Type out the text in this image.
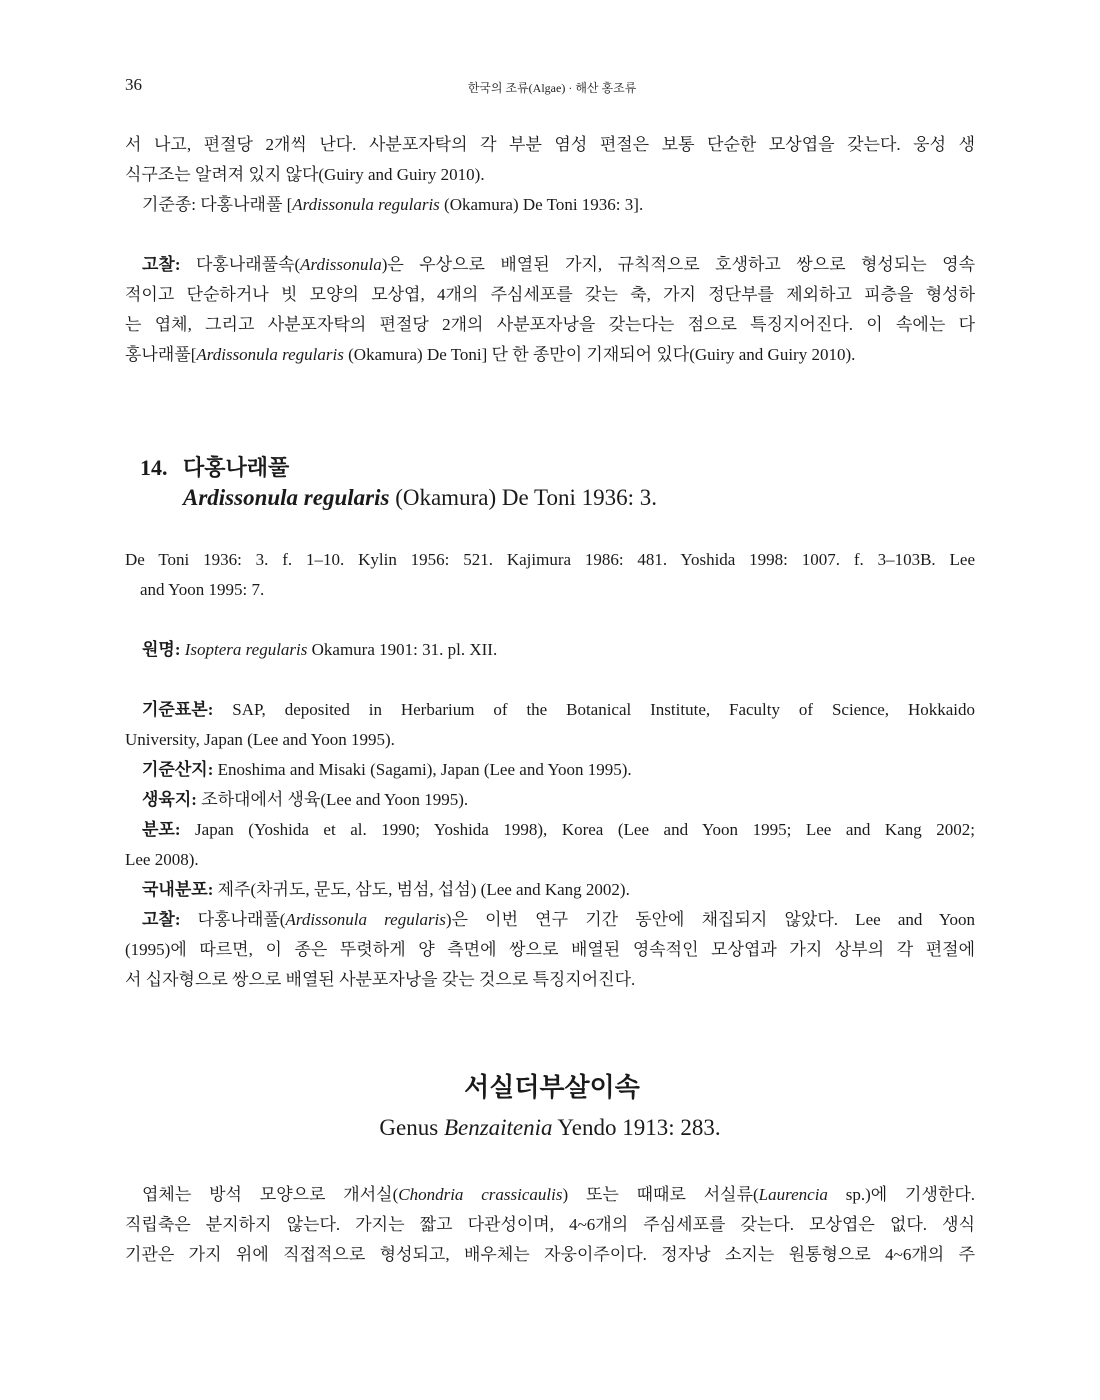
36	한국의 조류(Algae) · 해산 홍조류
서 나고, 편절당 2개씩 난다. 사분포자탁의 각 부분 염성 편절은 보통 단순한 모상엽을 갖는다. 웅성 생
식구조는 알려져 있지 않다(Guiry and Guiry 2010).
기준종: 다홍나래풀 [Ardissonula regularis (Okamura) De Toni 1936: 3].
고찰: 다홍나래풀속(Ardissonula)은 우상으로 배열된 가지, 규칙적으로 호생하고 쌍으로 형성되는 영속
적이고 단순하거나 빗 모양의 모상엽, 4개의 주심세포를 갖는 축, 가지 정단부를 제외하고 피층을 형성하
는 엽체, 그리고 사분포자탁의 편절당 2개의 사분포자낭을 갖는다는 점으로 특징지어진다. 이 속에는 다
홍나래풀[Ardissonula regularis (Okamura) De Toni] 단 한 종만이 기재되어 있다(Guiry and Guiry 2010).
14. 다홍나래풀
Ardissonula regularis (Okamura) De Toni 1936: 3.
De Toni 1936: 3. f. 1–10. Kylin 1956: 521. Kajimura 1986: 481. Yoshida 1998: 1007. f. 3–103B. Lee
and Yoon 1995: 7.
원명: Isoptera regularis Okamura 1901: 31. pl. XII.
기준표본: SAP, deposited in Herbarium of the Botanical Institute, Faculty of Science, Hokkaido
University, Japan (Lee and Yoon 1995).
기준산지: Enoshima and Misaki (Sagami), Japan (Lee and Yoon 1995).
생육지: 조하대에서 생육(Lee and Yoon 1995).
분포: Japan (Yoshida et al. 1990; Yoshida 1998), Korea (Lee and Yoon 1995; Lee and Kang 2002;
Lee 2008).
국내분포: 제주(차귀도, 문도, 삼도, 범섬, 섭섬) (Lee and Kang 2002).
고찰: 다홍나래풀(Ardissonula regularis)은 이번 연구 기간 동안에 채집되지 않았다. Lee and Yoon
(1995)에 따르면, 이 종은 뚜렷하게 양 측면에 쌍으로 배열된 영속적인 모상엽과 가지 상부의 각 편절에
서 십자형으로 쌍으로 배열된 사분포자낭을 갖는 것으로 특징지어진다.
서실더부살이속
Genus Benzaitenia Yendo 1913: 283.
엽체는 방석 모양으로 개서실(Chondria crassicaulis) 또는 때때로 서실류(Laurencia sp.)에 기생한다.
직립축은 분지하지 않는다. 가지는 짧고 다관성이며, 4~6개의 주심세포를 갖는다. 모상엽은 없다. 생식
기관은 가지 위에 직접적으로 형성되고, 배우체는 자웅이주이다. 정자낭 소지는 원통형으로 4~6개의 주
